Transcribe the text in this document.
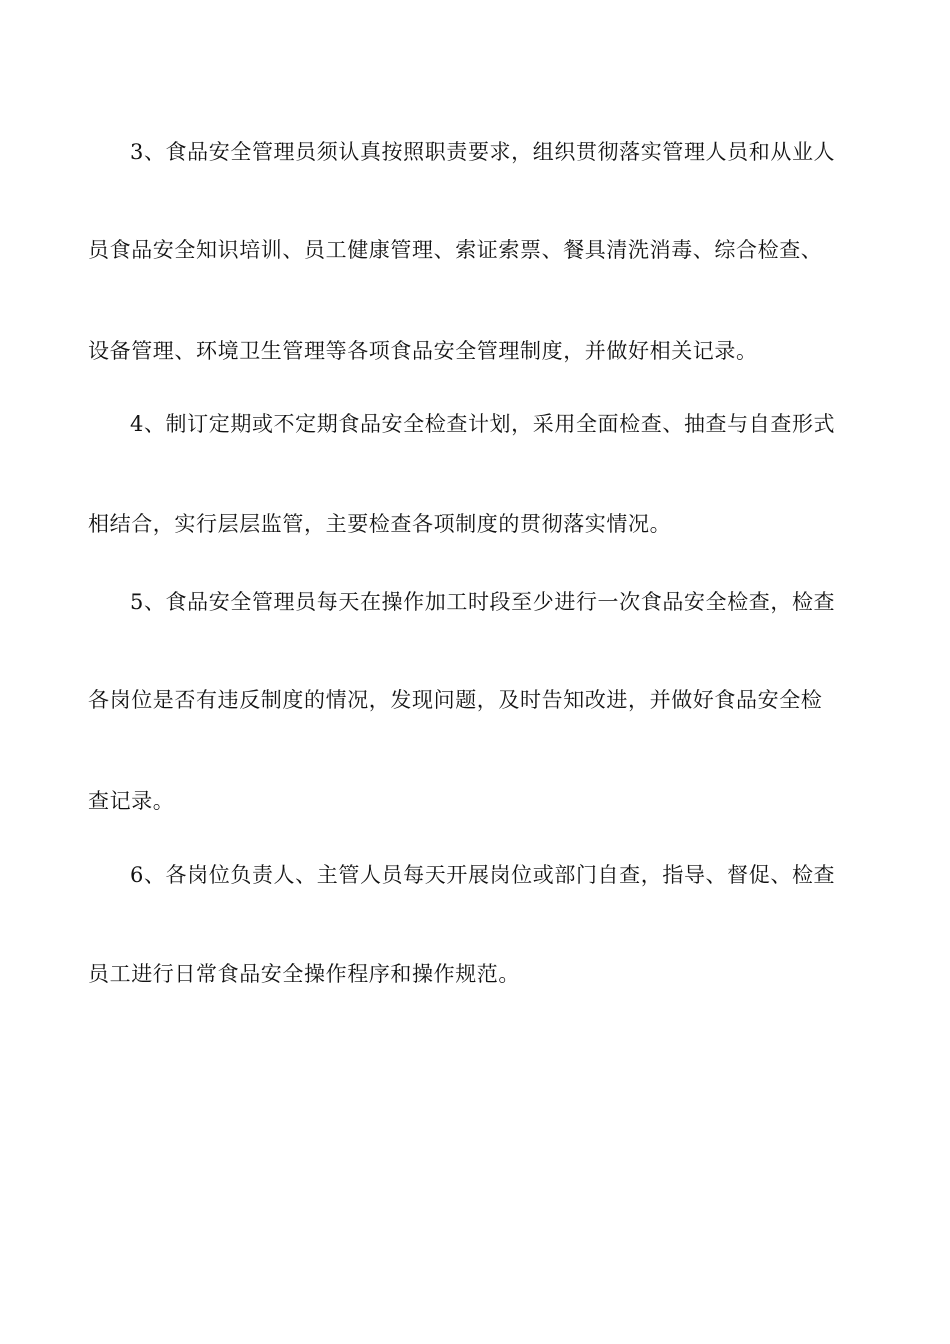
3、食品安全管理员须认真按照职责要求，组织贯彻落实管理人员和从业人
员食品安全知识培训、员工健康管理、索证索票、餐具清洗消毒、综合检查、
设备管理、环境卫生管理等各项食品安全管理制度，并做好相关记录。
4、制订定期或不定期食品安全检查计划，采用全面检查、抽查与自查形式
相结合，实行层层监管，主要检查各项制度的贯彻落实情况。
5、食品安全管理员每天在操作加工时段至少进行一次食品安全检查，检查
各岗位是否有违反制度的情况，发现问题，及时告知改进，并做好食品安全检
查记录。
6、各岗位负责人、主管人员每天开展岗位或部门自查，指导、督促、检查
员工进行日常食品安全操作程序和操作规范。
